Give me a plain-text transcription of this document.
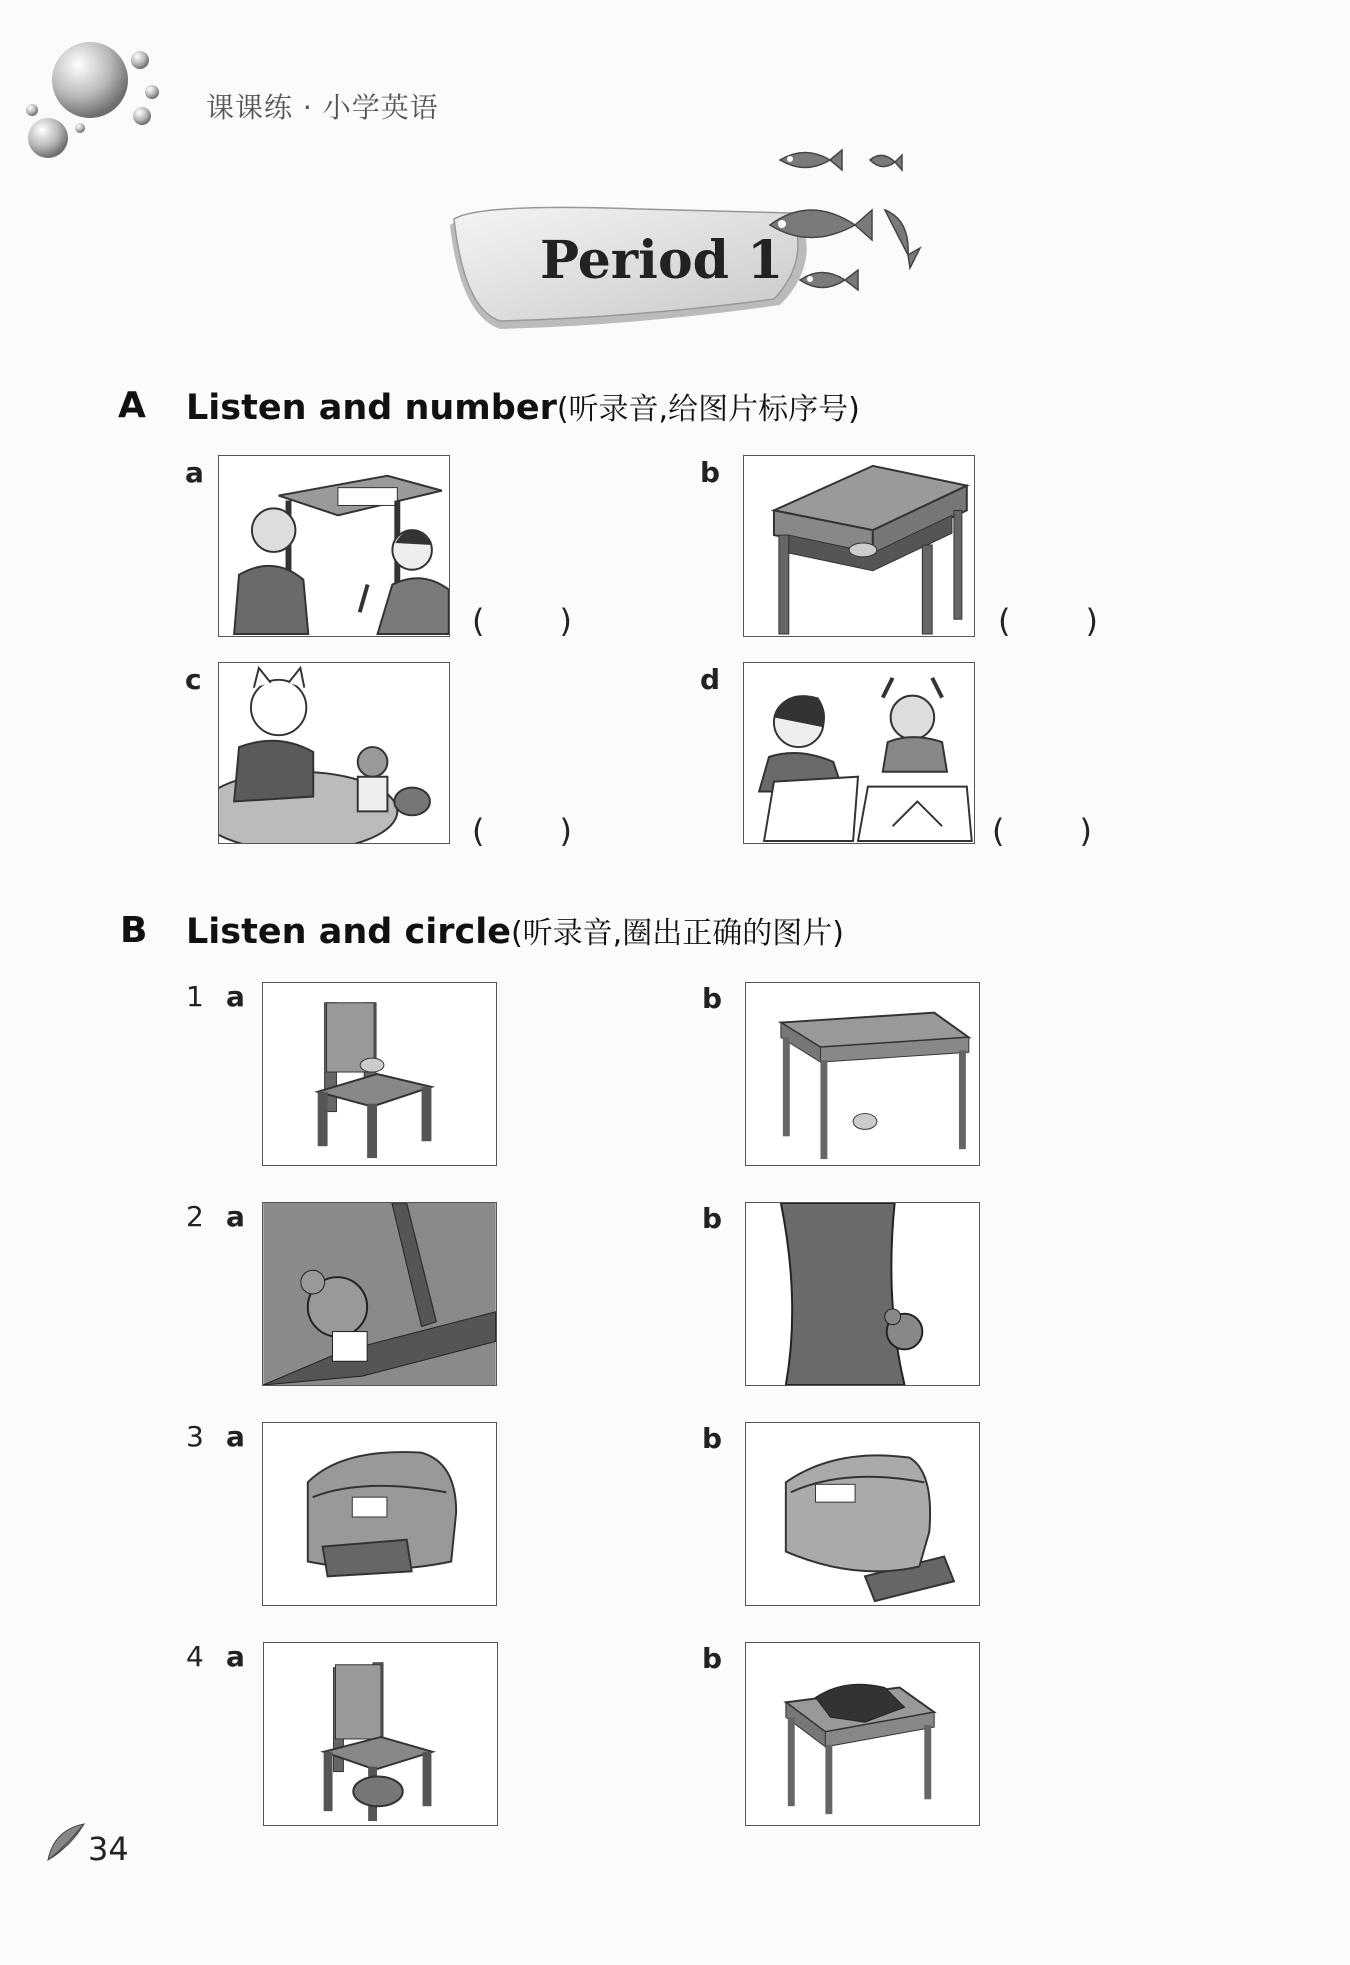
课课练 · 小学英语
Period 1
A Listen and number(听录音,给图片标序号)
a
( )
b
( )
c
( )
d
( )
B Listen and circle(听录音,圈出正确的图片)
1 a	b
2 a	b
3 a	b
4 a	b
34
